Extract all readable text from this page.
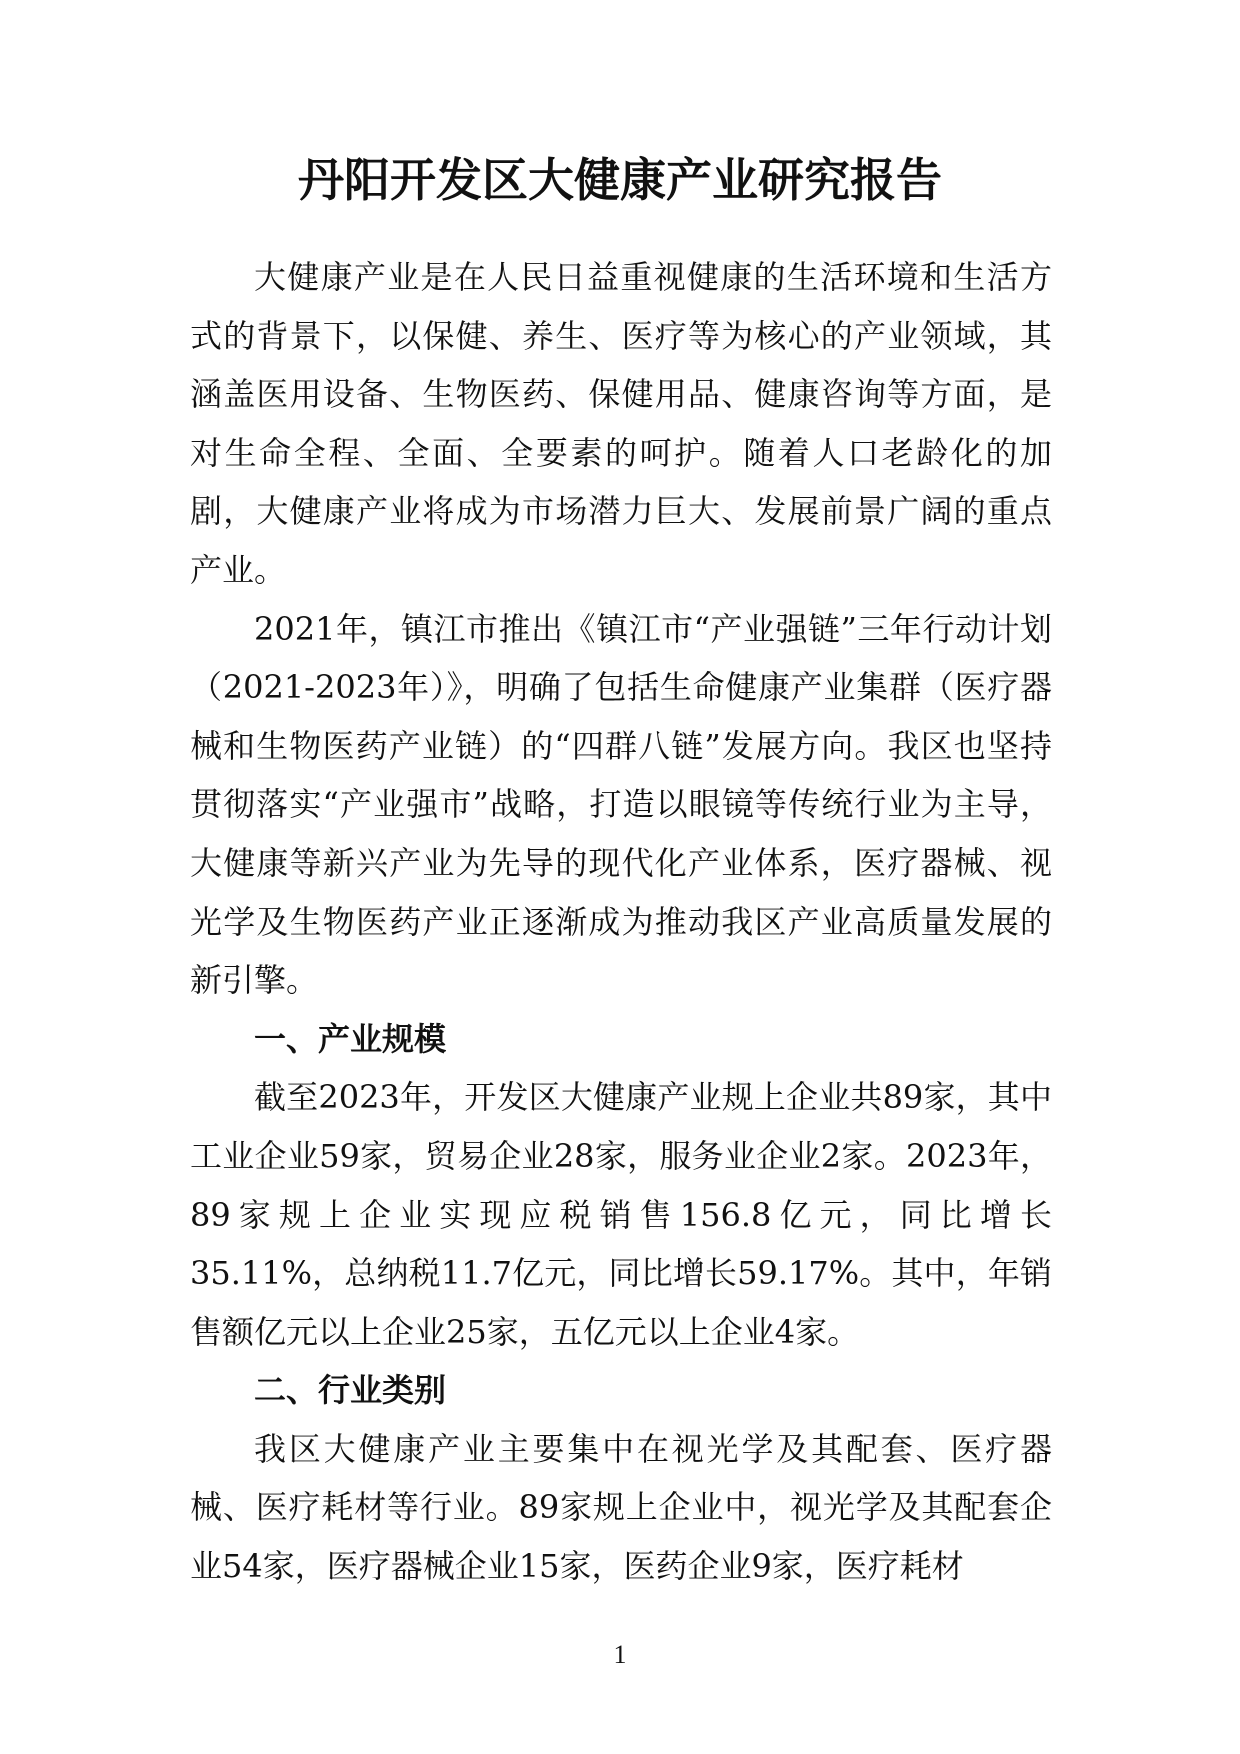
丹阳开发区大健康产业研究报告

大健康产业是在人民日益重视健康的生活环境和生活方式的背景下，以保健、养生、医疗等为核心的产业领域，其涵盖医用设备、生物医药、保健用品、健康咨询等方面，是对生命全程、全面、全要素的呵护。随着人口老龄化的加剧，大健康产业将成为市场潜力巨大、发展前景广阔的重点产业。

2021年，镇江市推出《镇江市“产业强链”三年行动计划（2021-2023年）》，明确了包括生命健康产业集群（医疗器械和生物医药产业链）的“四群八链”发展方向。我区也坚持贯彻落实“产业强市”战略，打造以眼镜等传统行业为主导，大健康等新兴产业为先导的现代化产业体系，医疗器械、视光学及生物医药产业正逐渐成为推动我区产业高质量发展的新引擎。

一、产业规模

截至2023年，开发区大健康产业规上企业共89家，其中工业企业59家，贸易企业28家，服务业企业2家。2023年，89家规上企业实现应税销售156.8亿元，同比增长35.11%，总纳税11.7亿元，同比增长59.17%。其中，年销售额亿元以上企业25家，五亿元以上企业4家。

二、行业类别

我区大健康产业主要集中在视光学及其配套、医疗器械、医疗耗材等行业。89家规上企业中，视光学及其配套企业54家，医疗器械企业15家，医药企业9家，医疗耗材

1
